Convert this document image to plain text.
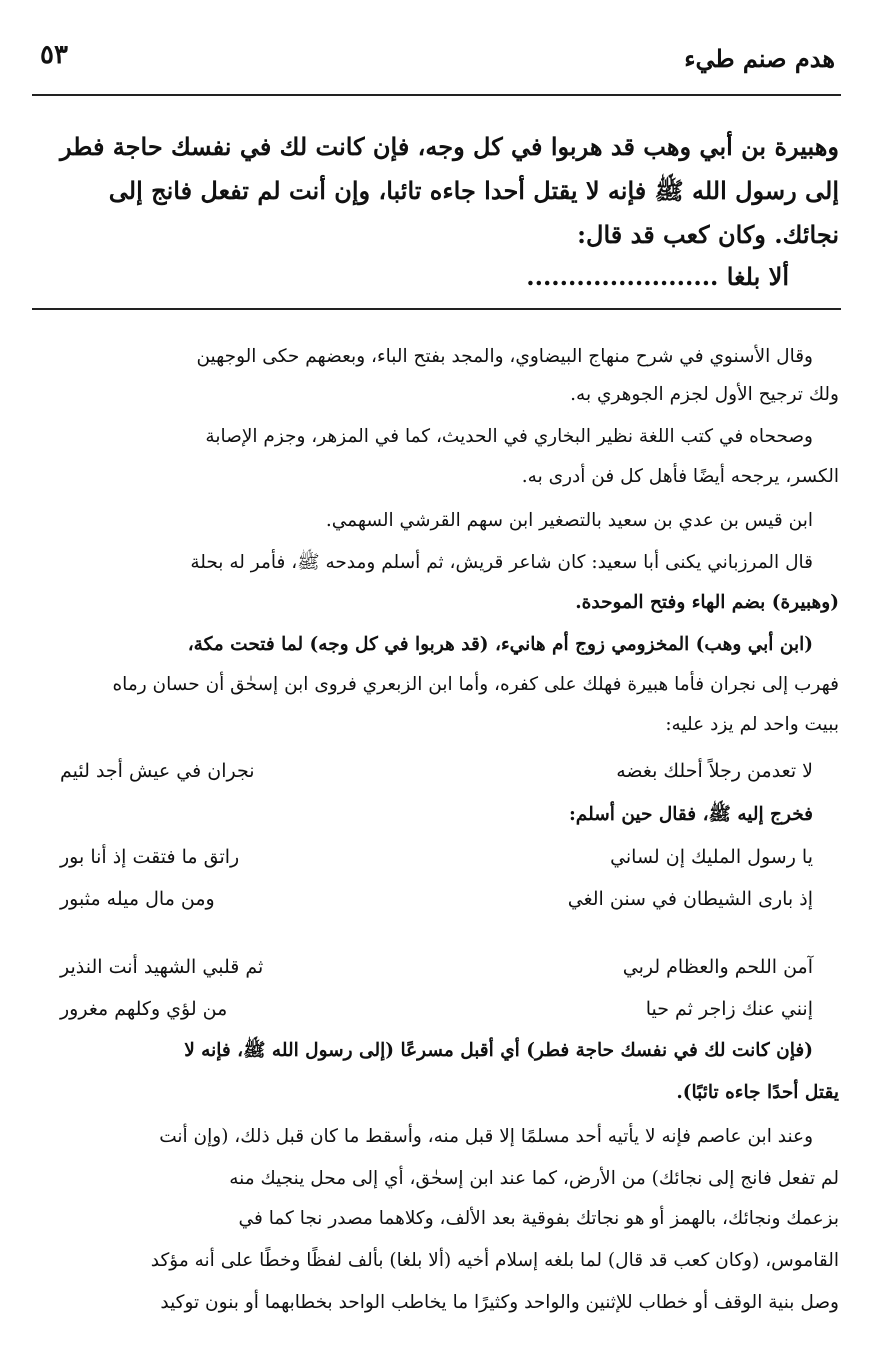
٥٣	هدم صنم طيء
وهبيرة بن أبي وهب قد هربوا في كل وجه، فإن كانت لك في نفسك حاجة فطر
إلى رسول الله ﷺ فإنه لا يقتل أحدا جاءه تائبا، وإن أنت لم تفعل فانج إلى
نجائك. وكان كعب قد قال:
ألا بلغا .......................
وقال الأسنوي في شرح منهاج البيضاوي، والمجد بفتح الباء، وبعضهم حكى الوجهين
ولك ترجيح الأول لجزم الجوهري به.
وصححاه في كتب اللغة نظير البخاري في الحديث، كما في المزهر، وجزم الإصابة
الكسر، يرجحه أيضًا فأهل كل فن أدرى به.
ابن قيس بن عدي بن سعيد بالتصغير ابن سهم القرشي السهمي.
قال المرزباني يكنى أبا سعيد: كان شاعر قريش، ثم أسلم ومدحه ﷺ، فأمر له بحلة
(وهبيرة) بضم الهاء وفتح الموحدة.
(ابن أبي وهب) المخزومي زوج أم هانيء، (قد هربوا في كل وجه) لما فتحت مكة،
فهرب إلى نجران فأما هبيرة فهلك على كفره، وأما ابن الزبعري فروى ابن إسحٰق أن حسان رماه
ببيت واحد لم يزد عليه:
لا تعدمن رجلاً أحلك بغضه
نجران في عيش أجد لئيم
فخرج إليه ﷺ، فقال حين أسلم:
يا رسول المليك إن لساني
راتق ما فتقت إذ أنا بور
إذ بارى الشيطان في سنن الغي
ومن مال ميله مثبور
آمن اللحم والعظام لربي
ثم قلبي الشهيد أنت النذير
إنني عنك زاجر ثم حيا
من لؤي وكلهم مغرور
(فإن كانت لك في نفسك حاجة فطر) أي أقبل مسرعًا (إلى رسول الله ﷺ، فإنه لا
يقتل أحدًا جاءه تائبًا).
وعند ابن عاصم فإنه لا يأتيه أحد مسلمًا إلا قبل منه، وأسقط ما كان قبل ذلك، (وإن أنت
لم تفعل فانج إلى نجائك) من الأرض، كما عند ابن إسحٰق، أي إلى محل ينجيك منه
بزعمك ونجائك، بالهمز أو هو نجاتك بفوقية بعد الألف، وكلاهما مصدر نجا كما في
القاموس، (وكان كعب قد قال) لما بلغه إسلام أخيه (ألا بلغا) بألف لفظًا وخطًا على أنه مؤكد
وصل بنية الوقف أو خطاب للإثنين والواحد وكثيرًا ما يخاطب الواحد بخطابهما أو بنون توكيد
